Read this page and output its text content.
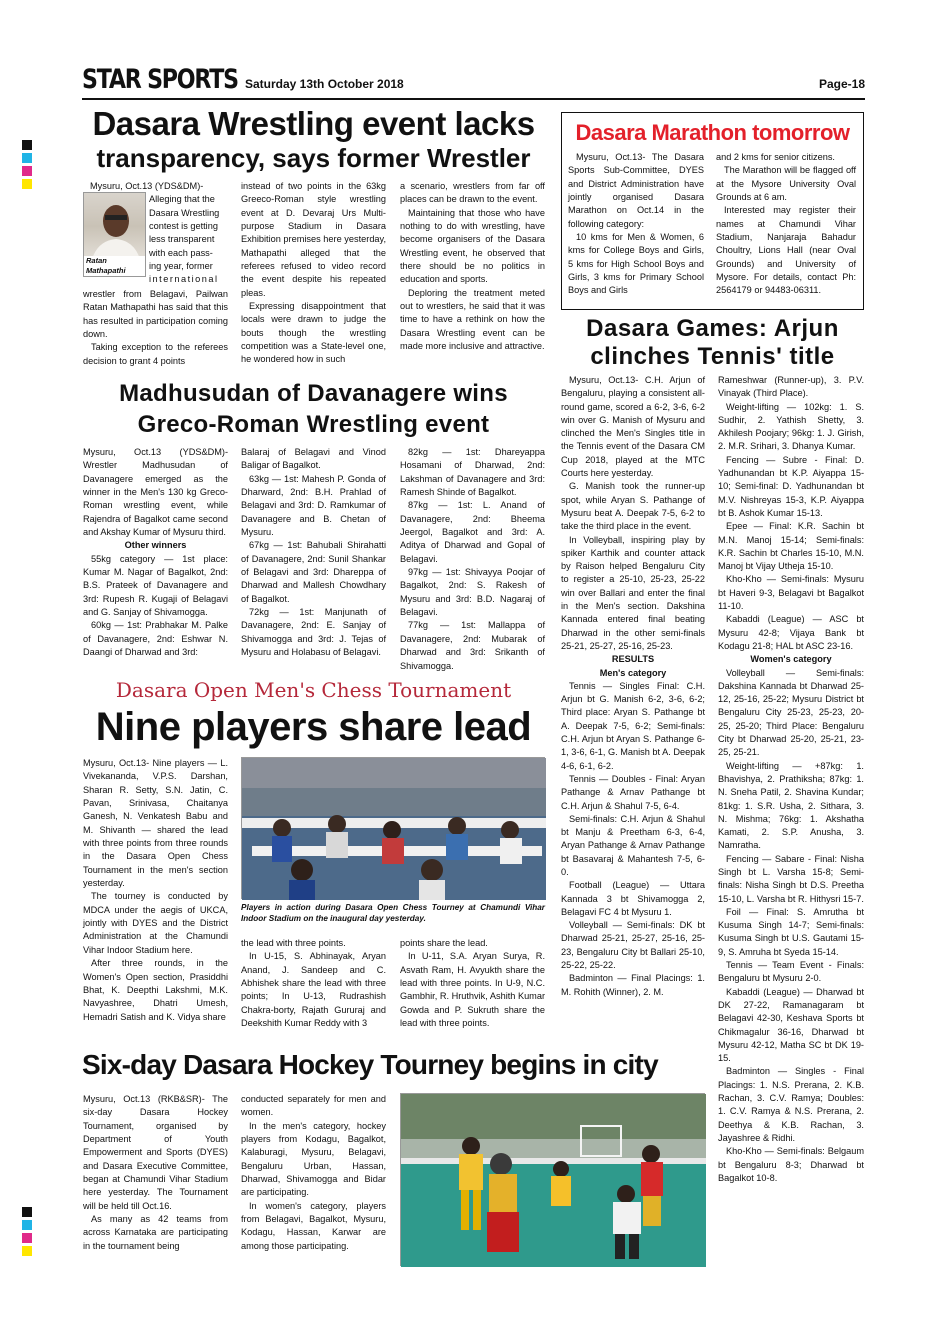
STAR SPORTS Saturday 13th October 2018	Page-18
Dasara Wrestling event lacks
transparency, says former Wrestler
Ratan Mathapathi

Mysuru, Oct.13 (YDS&DM)-

Alleging that the

Dasara Wrestling

contest is getting

less transparent

with each pass-

ing year, former

international

wrestler from Belagavi, Pailwan Ratan Mathapathi has said that this has resulted in participation coming down.

Taking exception to the referees decision to grant 4 points

instead of two points in the 63kg Greeco-Roman style wrestling event at D. Devaraj Urs Multi-purpose Stadium in Dasara Exhibition premises here yesterday, Mathapathi alleged that the referees refused to video record the event despite his repeated pleas.

Expressing disappointment that locals were drawn to judge the bouts though the wrestling competition was a State-level one, he wondered how in such

a scenario, wrestlers from far off places can be drawn to the event.

Maintaining that those who have nothing to do with wrestling, have become organisers of the Dasara Wrestling event, he observed that there should be no politics in education and sports.

Deploring the treatment meted out to wrestlers, he said that it was time to have a rethink on how the Dasara Wrestling event can be made more inclusive and attractive.

Madhusudan of Davanagere wins
Greco-Roman Wrestling event

Mysuru, Oct.13 (YDS&DM)- Wrestler Madhusudan of Davanagere emerged as the winner in the Men's 130 kg Greco-Roman wrestling event, while Rajendra of Bagalkot came second and Akshay Kumar of Mysuru third.

Other winners

55kg category — 1st place: Kumar M. Nagar of Bagalkot, 2nd: B.S. Prateek of Davanagere and 3rd: Rupesh R. Kugaji of Belagavi and G. Sanjay of Shivamogga.

60kg — 1st: Prabhakar M. Palke of Davanagere, 2nd: Eshwar N. Daangi of Dharwad and 3rd:

Balaraj of Belagavi and Vinod Baligar of Bagalkot.

63kg — 1st: Mahesh P. Gonda of Dharward, 2nd: B.H. Prahlad of Belagavi and 3rd: D. Ramkumar of Davanagere and B. Chetan of Mysuru.

67kg — 1st: Bahubali Shirahatti of Davanagere, 2nd: Sunil Shankar of Belagavi and 3rd: Dhareppa of Dharwad and Mallesh Chowdhary of Bagalkot.

72kg — 1st: Manjunath of Davanagere, 2nd: E. Sanjay of Shivamogga and 3rd: J. Tejas of Mysuru and Holabasu of Belagavi.

82kg — 1st: Dhareyappa Hosamani of Dharwad, 2nd: Lakshman of Davanagere and 3rd: Ramesh Shinde of Bagalkot.

87kg — 1st: L. Anand of Davanagere, 2nd: Bheema Jeergol, Bagalkot and 3rd: A. Aditya of Dharwad and Gopal of Belagavi.

97kg — 1st: Shivayya Poojar of Bagalkot, 2nd: S. Rakesh of Mysuru and 3rd: B.D. Nagaraj of Belagavi.

77kg — 1st: Mallappa of Davanagere, 2nd: Mubarak of Dharwad and 3rd: Srikanth of Shivamogga.

Dasara Marathon tomorrow

Mysuru, Oct.13- The Dasara Sports Sub-Committee, DYES and District Administration have jointly organised Dasara Marathon on Oct.14 in the following category:

10 kms for Men & Women, 6 kms for College Boys and Girls, 5 kms for High School Boys and Girls, 3 kms for Primary School Boys and Girls

and 2 kms for senior citizens.

The Marathon will be flagged off at the Mysore University Oval Grounds at 6 am.

Interested may register their names at Chamundi Vihar Stadium, Nanjaraja Bahadur Choultry, Lions Hall (near Oval Grounds) and University of Mysore. For details, contact Ph: 2564179 or 94483-06311.

Dasara Games: Arjun
clinches Tennis' title

Mysuru, Oct.13- C.H. Arjun of Bengaluru, playing a consistent all-round game, scored a 6-2, 3-6, 6-2 win over G. Manish of Mysuru and clinched the Men's Singles title in the Tennis event of the Dasara CM Cup 2018, played at the MTC Courts here yesterday.

G. Manish took the runner-up spot, while Aryan S. Pathange of Mysuru beat A. Deepak 7-5, 6-2 to take the third place in the event.

In Volleyball, inspiring play by spiker Karthik and counter attack by Raison helped Bengaluru City to register a 25-10, 25-23, 25-22 win over Ballari and enter the final in the Men's section. Dakshina Kannada entered final beating Dharwad in the other semi-finals 25-21, 25-27, 25-16, 25-23.

RESULTS

Men's category

Tennis — Singles Final: C.H. Arjun bt G. Manish 6-2, 3-6, 6-2; Third place: Aryan S. Pathange bt A. Deepak 7-5, 6-2; Semi-finals: C.H. Arjun bt Aryan S. Pathange 6-1, 3-6, 6-1, G. Manish bt A. Deepak 4-6, 6-1, 6-2.

Tennis — Doubles - Final: Aryan Pathange & Arnav Pathange bt C.H. Arjun & Shahul 7-5, 6-4.

Semi-finals: C.H. Arjun & Shahul bt Manju & Preetham 6-3, 6-4, Aryan Pathange & Arnav Pathange bt Basavaraj & Mahantesh 7-5, 6-0.

Football (League) — Uttara Kannada 3 bt Shivamogga 2, Belagavi FC 4 bt Mysuru 1.

Volleyball — Semi-finals: DK bt Dharwad 25-21, 25-27, 25-16, 25-23, Bengaluru City bt Ballari 25-10, 25-22, 25-22.

Badminton — Final Placings: 1. M. Rohith (Winner), 2. M.

Rameshwar (Runner-up), 3. P.V. Vinayak (Third Place).

Weight-lifting — 102kg: 1. S. Sudhir, 2. Yathish Shetty, 3. Akhilesh Poojary; 96kg: 1. J. Girish, 2. M.R. Srihari, 3. Dhanya Kumar.

Fencing — Subre - Final: D. Yadhunandan bt K.P. Aiyappa 15-10; Semi-final: D. Yadhunandan bt M.V. Nishreyas 15-3, K.P. Aiyappa bt B. Ashok Kumar 15-13.

Epee — Final: K.R. Sachin bt M.N. Manoj 15-14; Semi-finals: K.R. Sachin bt Charles 15-10, M.N. Manoj bt Vijay Utheja 15-10.

Kho-Kho — Semi-finals: Mysuru bt Haveri 9-3, Belagavi bt Bagalkot 11-10.

Kabaddi (League) — ASC bt Mysuru 42-8; Vijaya Bank bt Kodagu 21-8; HAL bt ASC 23-16.

Women's category

Volleyball — Semi-finals: Dakshina Kannada bt Dharwad 25-12, 25-16, 25-22; Mysuru District bt Bengaluru City 25-23, 25-23, 20-25, 25-20; Third Place: Bengaluru City bt Dharwad 25-20, 25-21, 23-25, 25-21.

Weight-lifting — +87kg: 1. Bhavishya, 2. Prathiksha; 87kg: 1. N. Sneha Patil, 2. Shavina Kundar; 81kg: 1. S.R. Usha, 2. Sithara, 3. N. Mishma; 76kg: 1. Akshatha Kamati, 2. S.P. Anusha, 3. Namratha.

Fencing — Sabare - Final: Nisha Singh bt L. Varsha 15-8; Semi-finals: Nisha Singh bt D.S. Preetha 15-10, L. Varsha bt R. Hithysri 15-7.

Foil — Final: S. Amrutha bt Kusuma Singh 14-7; Semi-finals: Kusuma Singh bt U.S. Gautami 15-9, S. Amruha bt Syeda 15-14.

Tennis — Team Event - Finals: Bengaluru bt Mysuru 2-0.

Kabaddi (League) — Dharwad bt DK 27-22, Ramanagaram bt Belagavi 42-30, Keshava Sports bt Chikmagalur 36-16, Dharwad bt Mysuru 42-12, Matha SC bt DK 19-15.

Badminton — Singles - Final Placings: 1. N.S. Prerana, 2. K.B. Rachan, 3. C.V. Ramya; Doubles: 1. C.V. Ramya & N.S. Prerana, 2. Deethya & K.B. Rachan, 3. Jayashree & Ridhi.

Kho-Kho — Semi-finals: Belgaum bt Bengaluru 8-3; Dharwad bt Bagalkot 10-8.

Dasara Open Men's Chess Tournament
Nine players share lead

Mysuru, Oct.13- Nine players — L. Vivekananda, V.P.S. Darshan, Sharan R. Setty, S.N. Jatin, C. Pavan, Srinivasa, Chaitanya Ganesh, N. Venkatesh Babu and M. Shivanth — shared the lead with three points from three rounds in the Dasara Open Chess Tournament in the men's section yesterday.

The tourney is conducted by MDCA under the aegis of UKCA, jointly with DYES and the District Administration at the Chamundi Vihar Indoor Stadium here.

After three rounds, in the Women's Open section, Prasiddhi Bhat, K. Deepthi Lakshmi, M.K. Navyashree, Dhatri Umesh, Hemadri Satish and K. Vidya share

Players in action during Dasara Open Chess Tourney at Chamundi Vihar Indoor Stadium on the inaugural day yesterday.

the lead with three points.

In U-15, S. Abhinayak, Aryan Anand, J. Sandeep and C. Abhishek share the lead with three points; In U-13, Rudrashish Chakra-borty, Rajath Gururaj and Deekshith Kumar Reddy with 3

points share the lead.

In U-11, S.A. Aryan Surya, R. Asvath Ram, H. Avyukth share the lead with three points. In U-9, N.C. Gambhir, R. Hruthvik, Ashith Kumar Gowda and P. Sukruth share the lead with three points.

Six-day Dasara Hockey Tourney begins in city

Mysuru, Oct.13 (RKB&SR)- The six-day Dasara Hockey Tournament, organised by Department of Youth Empowerment and Sports (DYES) and Dasara Executive Committee, began at Chamundi Vihar Stadium here yesterday. The Tournament will be held till Oct.16.

As many as 42 teams from across Karnataka are participating in the tournament being

conducted separately for men and women.

In the men's category, hockey players from Kodagu, Bagalkot, Kalaburagi, Mysuru, Belagavi, Bengaluru Urban, Hassan, Dharwad, Shivamogga and Bidar are participating.

In women's category, players from Belagavi, Bagalkot, Mysuru, Kodagu, Hassan, Karwar are among those participating.
